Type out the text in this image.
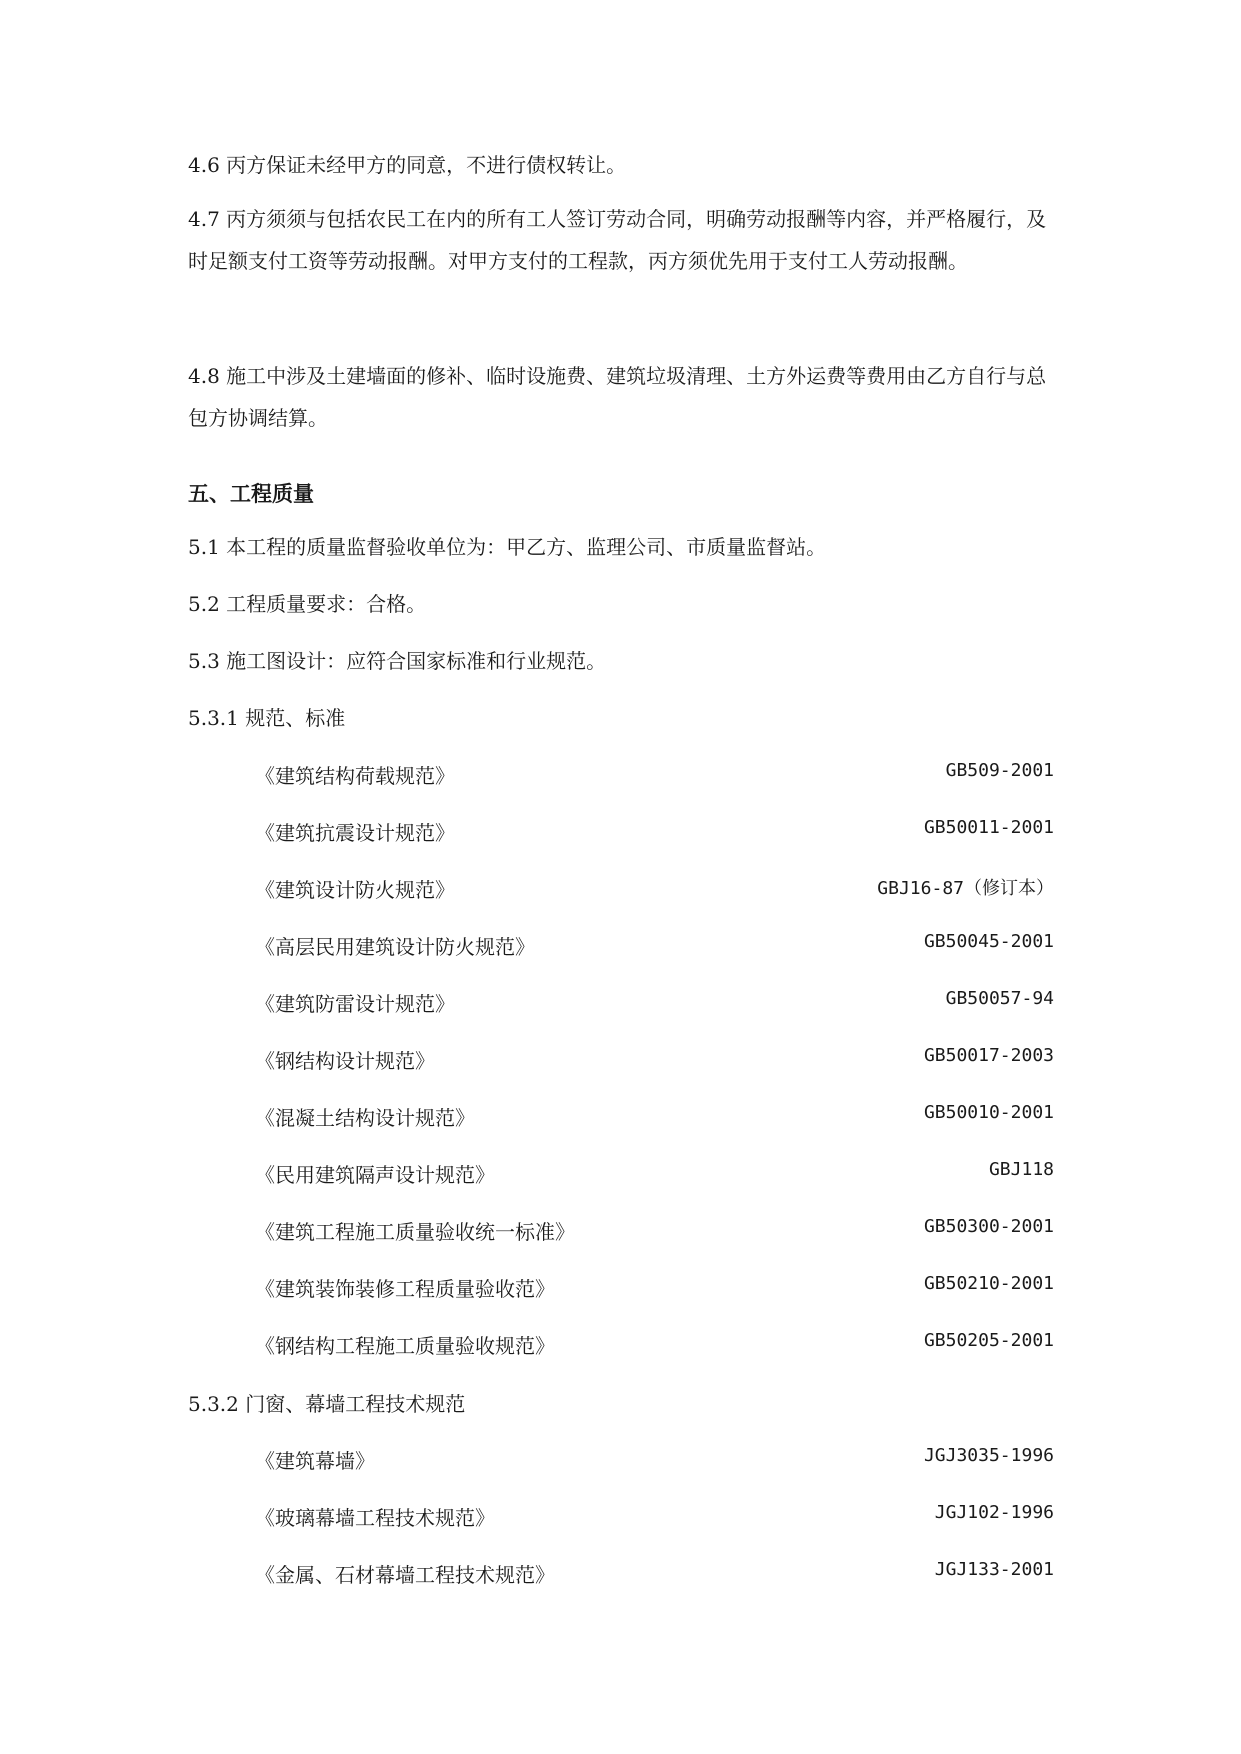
4.6 丙方保证未经甲方的同意，不进行债权转让。

4.7 丙方须须与包括农民工在内的所有工人签订劳动合同，明确劳动报酬等内容，并严格履行，及时足额支付工资等劳动报酬。对甲方支付的工程款，丙方须优先用于支付工人劳动报酬。

4.8 施工中涉及土建墙面的修补、临时设施费、建筑垃圾清理、土方外运费等费用由乙方自行与总包方协调结算。

五、工程质量

5.1 本工程的质量监督验收单位为：甲乙方、监理公司、市质量监督站。

5.2 工程质量要求：合格。

5.3 施工图设计：应符合国家标准和行业规范。

5.3.1 规范、标准

《建筑结构荷载规范》	GB509-2001
《建筑抗震设计规范》	GB50011-2001
《建筑设计防火规范》	GBJ16-87（修订本）
《高层民用建筑设计防火规范》	GB50045-2001
《建筑防雷设计规范》	GB50057-94
《钢结构设计规范》	GB50017-2003
《混凝土结构设计规范》	GB50010-2001
《民用建筑隔声设计规范》	GBJ118
《建筑工程施工质量验收统一标准》	GB50300-2001
《建筑装饰装修工程质量验收范》	GB50210-2001
《钢结构工程施工质量验收规范》	GB50205-2001

5.3.2 门窗、幕墙工程技术规范

《建筑幕墙》	JGJ3035-1996
《玻璃幕墙工程技术规范》	JGJ102-1996
《金属、石材幕墙工程技术规范》	JGJ133-2001
